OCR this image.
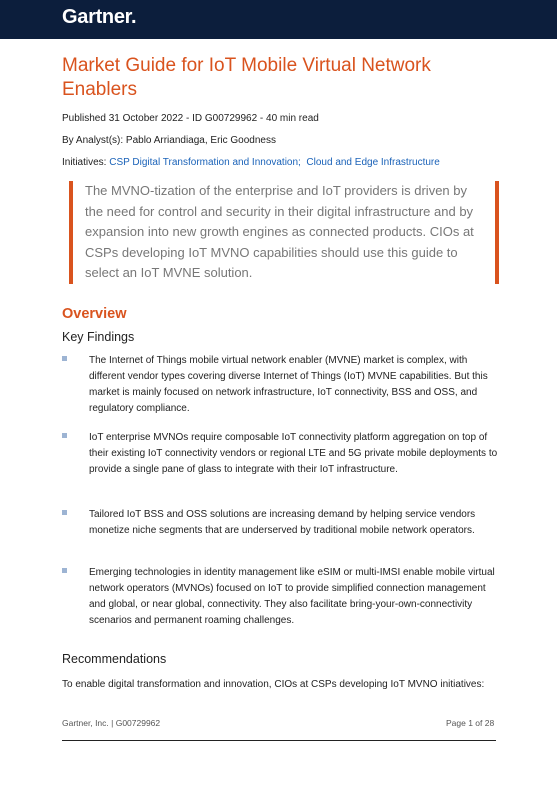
Gartner.
Market Guide for IoT Mobile Virtual Network Enablers
Published 31 October 2022 - ID G00729962 - 40 min read
By Analyst(s): Pablo Arriandiaga, Eric Goodness
Initiatives: CSP Digital Transformation and Innovation; Cloud and Edge Infrastructure

The MVNO-tization of the enterprise and IoT providers is driven by the need for control and security in their digital infrastructure and by expansion into new growth engines as connected products. CIOs at CSPs developing IoT MVNO capabilities should use this guide to select an IoT MVNE solution.

Overview
Key Findings

The Internet of Things mobile virtual network enabler (MVNE) market is complex, with different vendor types covering diverse Internet of Things (IoT) MVNE capabilities. But this market is mainly focused on network infrastructure, IoT connectivity, BSS and OSS, and regulatory compliance.

IoT enterprise MVNOs require composable IoT connectivity platform aggregation on top of their existing IoT connectivity vendors or regional LTE and 5G private mobile deployments to provide a single pane of glass to integrate with their IoT infrastructure.

Tailored IoT BSS and OSS solutions are increasing demand by helping service vendors monetize niche segments that are underserved by traditional mobile network operators.

Emerging technologies in identity management like eSIM or multi-IMSI enable mobile virtual network operators (MVNOs) focused on IoT to provide simplified connection management and global, or near global, connectivity. They also facilitate bring-your-own-connectivity scenarios and permanent roaming challenges.

Recommendations

To enable digital transformation and innovation, CIOs at CSPs developing IoT MVNO initiatives:

Gartner, Inc. | G00729962	Page 1 of 28
